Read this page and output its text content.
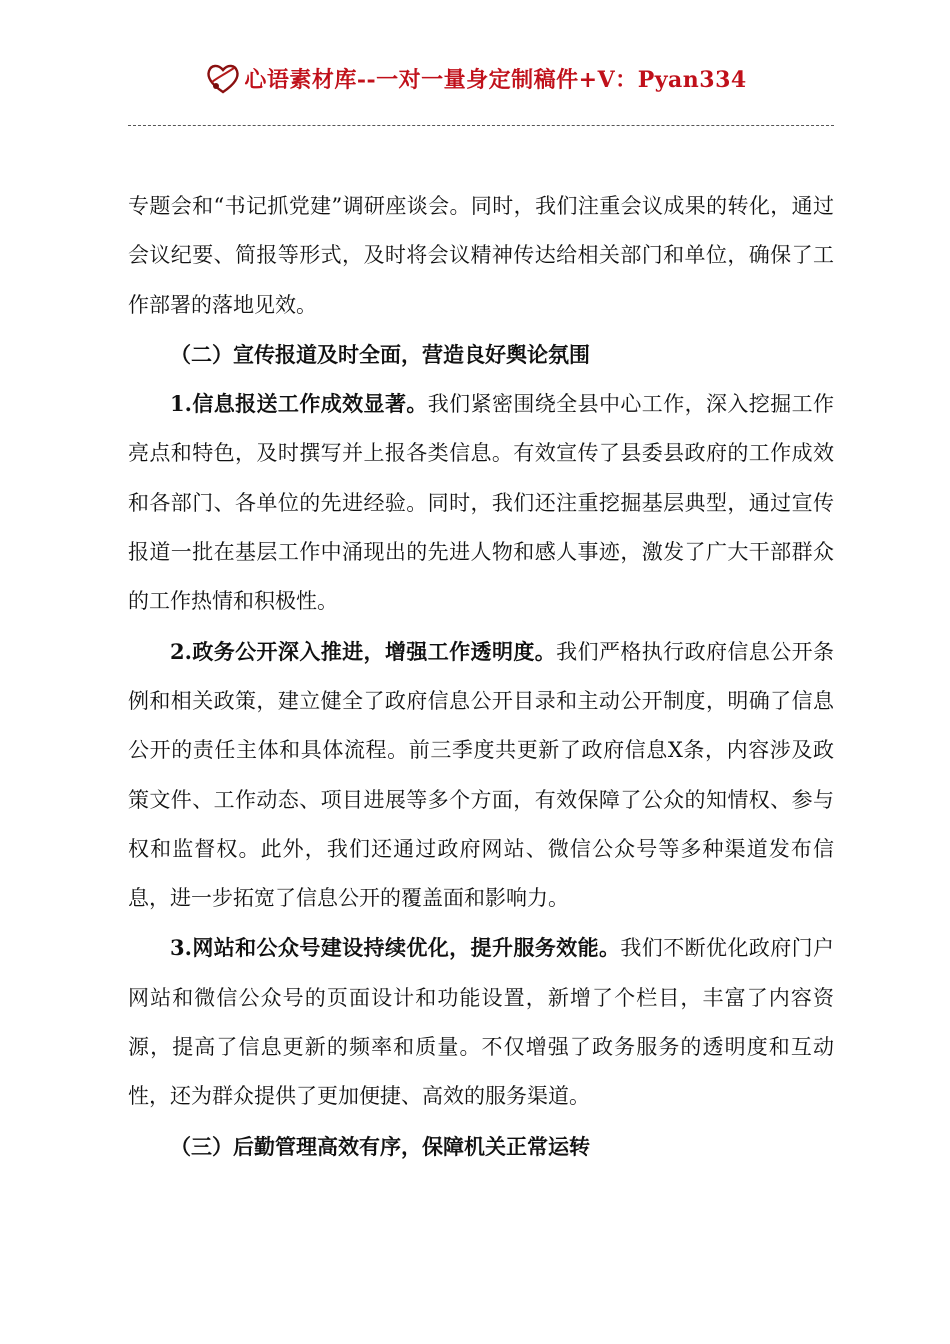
心语素材库--一对一量身定制稿件+V：Pyan334

专题会和“书记抓党建”调研座谈会。同时，我们注重会议成果的转化，通过会议纪要、简报等形式，及时将会议精神传达给相关部门和单位，确保了工作部署的落地见效。

（二）宣传报道及时全面，营造良好舆论氛围

1.信息报送工作成效显著。我们紧密围绕全县中心工作，深入挖掘工作亮点和特色，及时撰写并上报各类信息。有效宣传了县委县政府的工作成效和各部门、各单位的先进经验。同时，我们还注重挖掘基层典型，通过宣传报道一批在基层工作中涌现出的先进人物和感人事迹，激发了广大干部群众的工作热情和积极性。

2.政务公开深入推进，增强工作透明度。我们严格执行政府信息公开条例和相关政策，建立健全了政府信息公开目录和主动公开制度，明确了信息公开的责任主体和具体流程。前三季度共更新了政府信息X条，内容涉及政策文件、工作动态、项目进展等多个方面，有效保障了公众的知情权、参与权和监督权。此外，我们还通过政府网站、微信公众号等多种渠道发布信息，进一步拓宽了信息公开的覆盖面和影响力。

3.网站和公众号建设持续优化，提升服务效能。我们不断优化政府门户网站和微信公众号的页面设计和功能设置，新增了个栏目，丰富了内容资源，提高了信息更新的频率和质量。不仅增强了政务服务的透明度和互动性，还为群众提供了更加便捷、高效的服务渠道。

（三）后勤管理高效有序，保障机关正常运转
